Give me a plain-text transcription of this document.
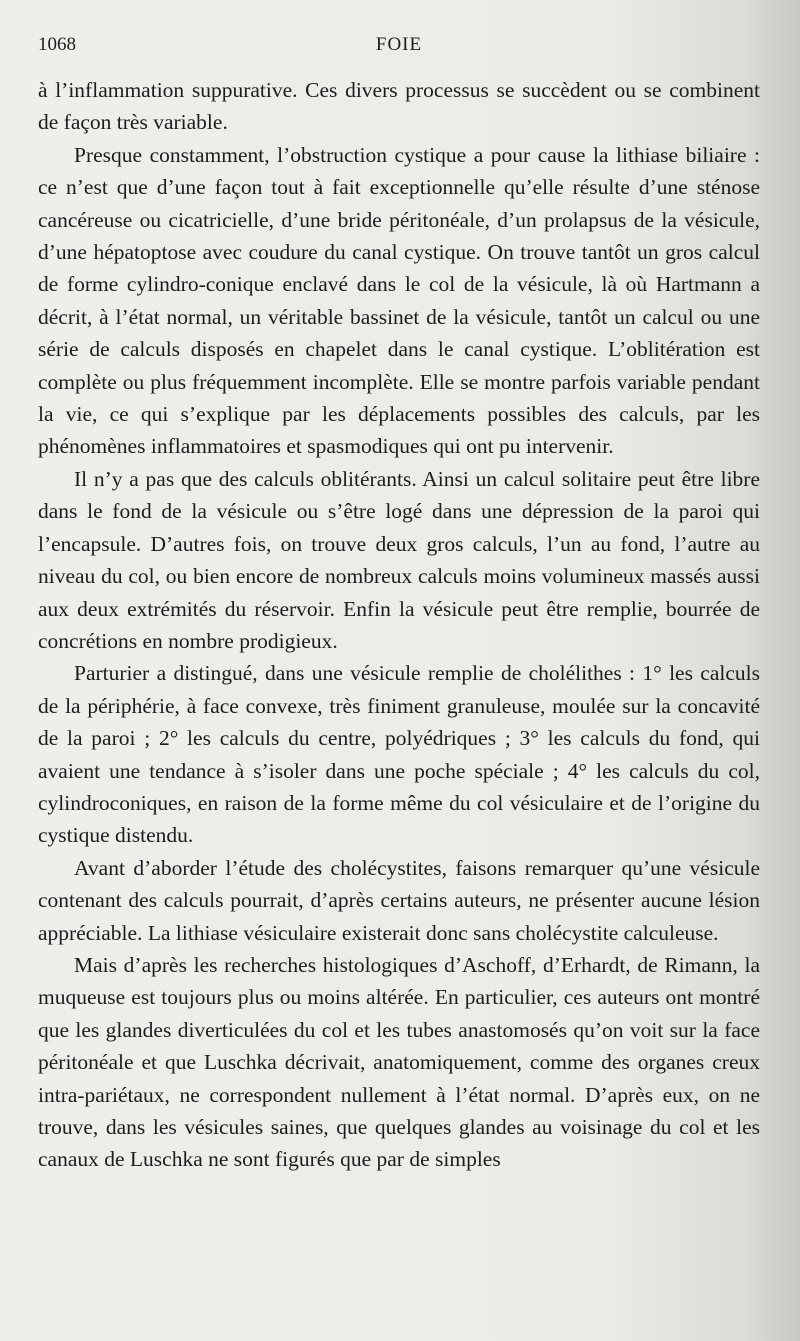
1068	FOIE

à l’inflammation suppurative. Ces divers processus se succèdent ou se combinent de façon très variable.

Presque constamment, l’obstruction cystique a pour cause la lithiase biliaire : ce n’est que d’une façon tout à fait exceptionnelle qu’elle résulte d’une sténose cancéreuse ou cicatricielle, d’une bride péritonéale, d’un prolapsus de la vésicule, d’une hépatoptose avec coudure du canal cystique. On trouve tantôt un gros calcul de forme cylindro-conique enclavé dans le col de la vésicule, là où Hartmann a décrit, à l’état normal, un véritable bassinet de la vésicule, tantôt un calcul ou une série de calculs disposés en chapelet dans le canal cystique. L’oblitération est complète ou plus fréquemment incomplète. Elle se montre parfois variable pendant la vie, ce qui s’explique par les déplacements possibles des calculs, par les phénomènes inflammatoires et spasmodiques qui ont pu intervenir.

Il n’y a pas que des calculs oblitérants. Ainsi un calcul solitaire peut être libre dans le fond de la vésicule ou s’être logé dans une dépression de la paroi qui l’encapsule. D’autres fois, on trouve deux gros calculs, l’un au fond, l’autre au niveau du col, ou bien encore de nombreux calculs moins volumineux massés aussi aux deux extrémités du réservoir. Enfin la vésicule peut être remplie, bourrée de concrétions en nombre prodigieux.

Parturier a distingué, dans une vésicule remplie de cholélithes : 1° les calculs de la périphérie, à face convexe, très finiment granuleuse, moulée sur la concavité de la paroi ; 2° les calculs du centre, polyédriques ; 3° les calculs du fond, qui avaient une tendance à s’isoler dans une poche spéciale ; 4° les calculs du col, cylindroconiques, en raison de la forme même du col vésiculaire et de l’origine du cystique distendu.

Avant d’aborder l’étude des cholécystites, faisons remarquer qu’une vésicule contenant des calculs pourrait, d’après certains auteurs, ne présenter aucune lésion appréciable. La lithiase vésiculaire existerait donc sans cholécystite calculeuse.

Mais d’après les recherches histologiques d’Aschoff, d’Erhardt, de Rimann, la muqueuse est toujours plus ou moins altérée. En particulier, ces auteurs ont montré que les glandes diverticulées du col et les tubes anastomosés qu’on voit sur la face péritonéale et que Luschka décrivait, anatomiquement, comme des organes creux intra-pariétaux, ne correspondent nullement à l’état normal. D’après eux, on ne trouve, dans les vésicules saines, que quelques glandes au voisinage du col et les canaux de Luschka ne sont figurés que par de simples
